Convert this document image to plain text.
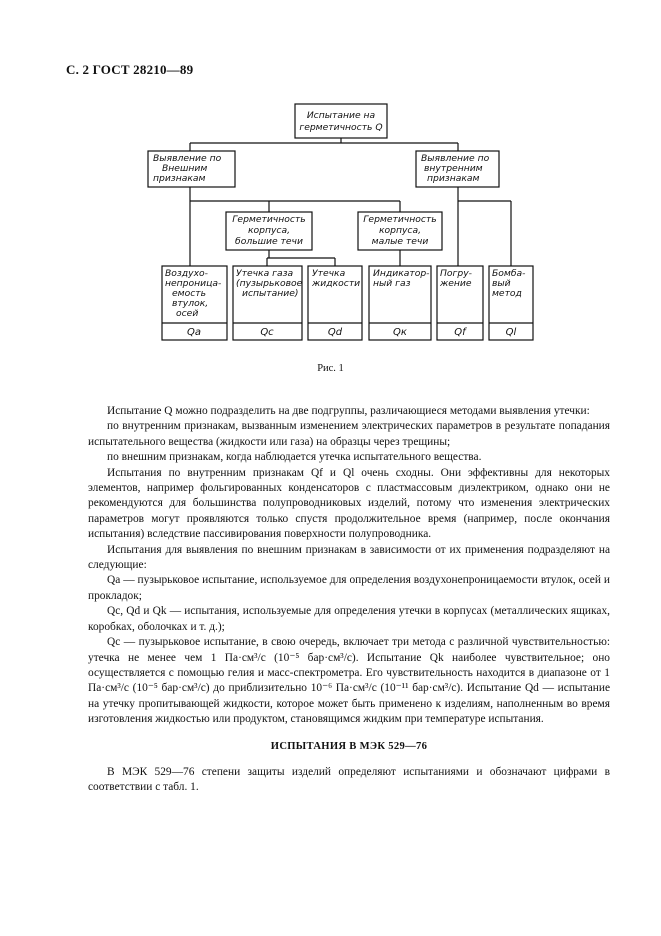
С. 2 ГОСТ 28210—89
Испытание на
герметичность Q
Выявление по
Внешним
признакам
Выявление по
внутренним
признакам
Герметичность
корпуса,
большие течи
Герметичность
корпуса,
малые течи
Воздухо-
непроница-
емость
втулок,
осей
Qa
Утечка газа
(пузырьковое
испытание)
Qc
Утечка
жидкости
Qd
Индикатор-
ный газ
Qк
Погру-
жение
Qf
Бомба-
вый
метод
Ql
Рис. 1

Испытание Q можно подразделить на две подгруппы, различающиеся методами выявления утечки:

по внутренним признакам, вызванным изменением электрических параметров в результате попадания испытательного вещества (жидкости или газа) на образцы через трещины;

по внешним признакам, когда наблюдается утечка испытательного вещества.

Испытания по внутренним признакам Qf и Ql очень сходны. Они эффективны для некоторых элементов, например фольгированных конденсаторов с пластмассовым диэлектриком, однако они не рекомендуются для большинства полупроводниковых изделий, потому что изменения электрических параметров могут проявляются только спустя продолжительное время (например, после окончания испытания) вследствие пассивирования поверхности полупроводника.

Испытания для выявления по внешним признакам в зависимости от их применения подразделяют на следующие:

Qa — пузырьковое испытание, используемое для определения воздухонепроницаемости втулок, осей и прокладок;

Qc, Qd и Qk — испытания, используемые для определения утечки в корпусах (металлических ящиках, коробках, оболочках и т. д.);

Qc — пузырьковое испытание, в свою очередь, включает три метода с различной чувствительностью: утечка не менее чем 1 Па·см³/с (10⁻⁵ бар·см³/с). Испытание Qk наиболее чувствительное; оно осуществляется с помощью гелия и масс-спектрометра. Его чувствительность находится в диапазоне от 1 Па·см³/с (10⁻⁵ бар·см³/с) до приблизительно 10⁻⁶ Па·см³/с (10⁻¹¹ бар·см³/с). Испытание Qd — испытание на утечку пропитывающей жидкости, которое может быть применено к изделиям, наполненным во время изготовления жидкостью или продуктом, становящимся жидким при температуре испытания.

ИСПЫТАНИЯ В МЭК 529—76

В МЭК 529—76 степени защиты изделий определяют испытаниями и обозначают цифрами в соответствии с табл. 1.
